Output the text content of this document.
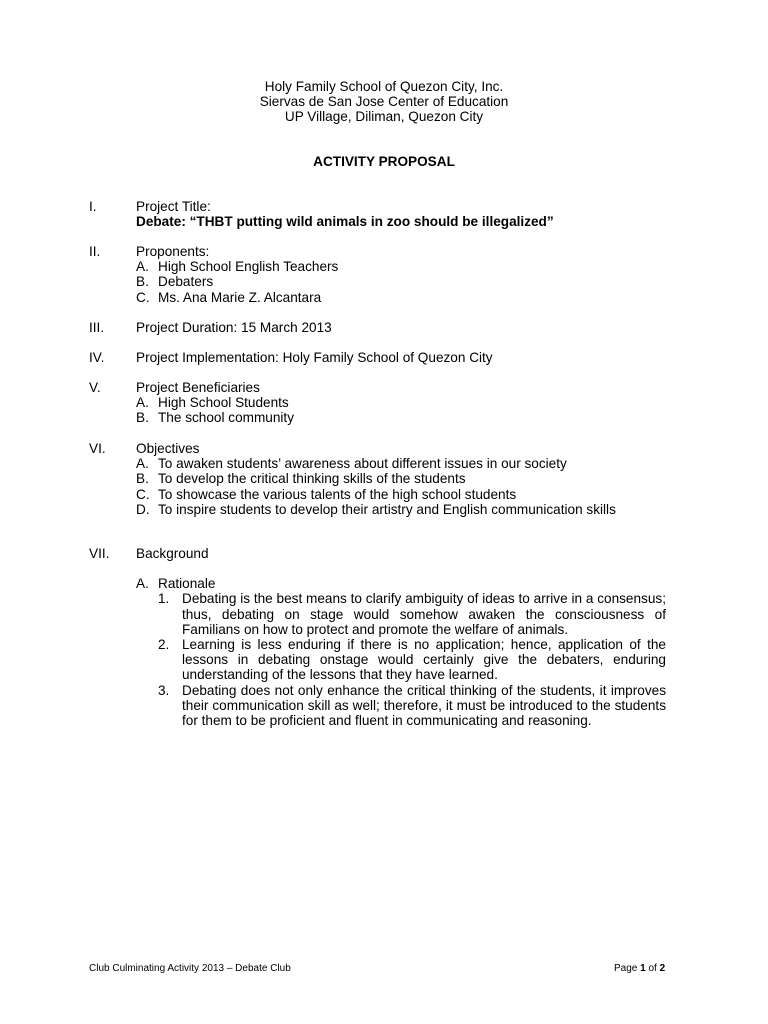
Holy Family School of Quezon City, Inc.
Siervas de San Jose Center of Education
UP Village, Diliman, Quezon City
ACTIVITY PROPOSAL
I.	Project Title:
Debate: “THBT putting wild animals in zoo should be illegalized”
II.	Proponents:
A. High School English Teachers
B. Debaters
C. Ms. Ana Marie Z. Alcantara
III. Project Duration: 15 March 2013
IV. Project Implementation: Holy Family School of Quezon City
V.	Project Beneficiaries
A. High School Students
B. The school community
VI. Objectives
A. To awaken students’ awareness about different issues in our society
B. To develop the critical thinking skills of the students
C. To showcase the various talents of the high school students
D. To inspire students to develop their artistry and English communication skills
VII. Background
A. Rationale
1. Debating is the best means to clarify ambiguity of ideas to arrive in a consensus; thus, debating on stage would somehow awaken the consciousness of Familians on how to protect and promote the welfare of animals.
2. Learning is less enduring if there is no application; hence, application of the lessons in debating onstage would certainly give the debaters, enduring understanding of the lessons that they have learned.
3. Debating does not only enhance the critical thinking of the students, it improves their communication skill as well; therefore, it must be introduced to the students for them to be proficient and fluent in communicating and reasoning.
Club Culminating Activity 2013 – Debate Club	Page 1 of 2
